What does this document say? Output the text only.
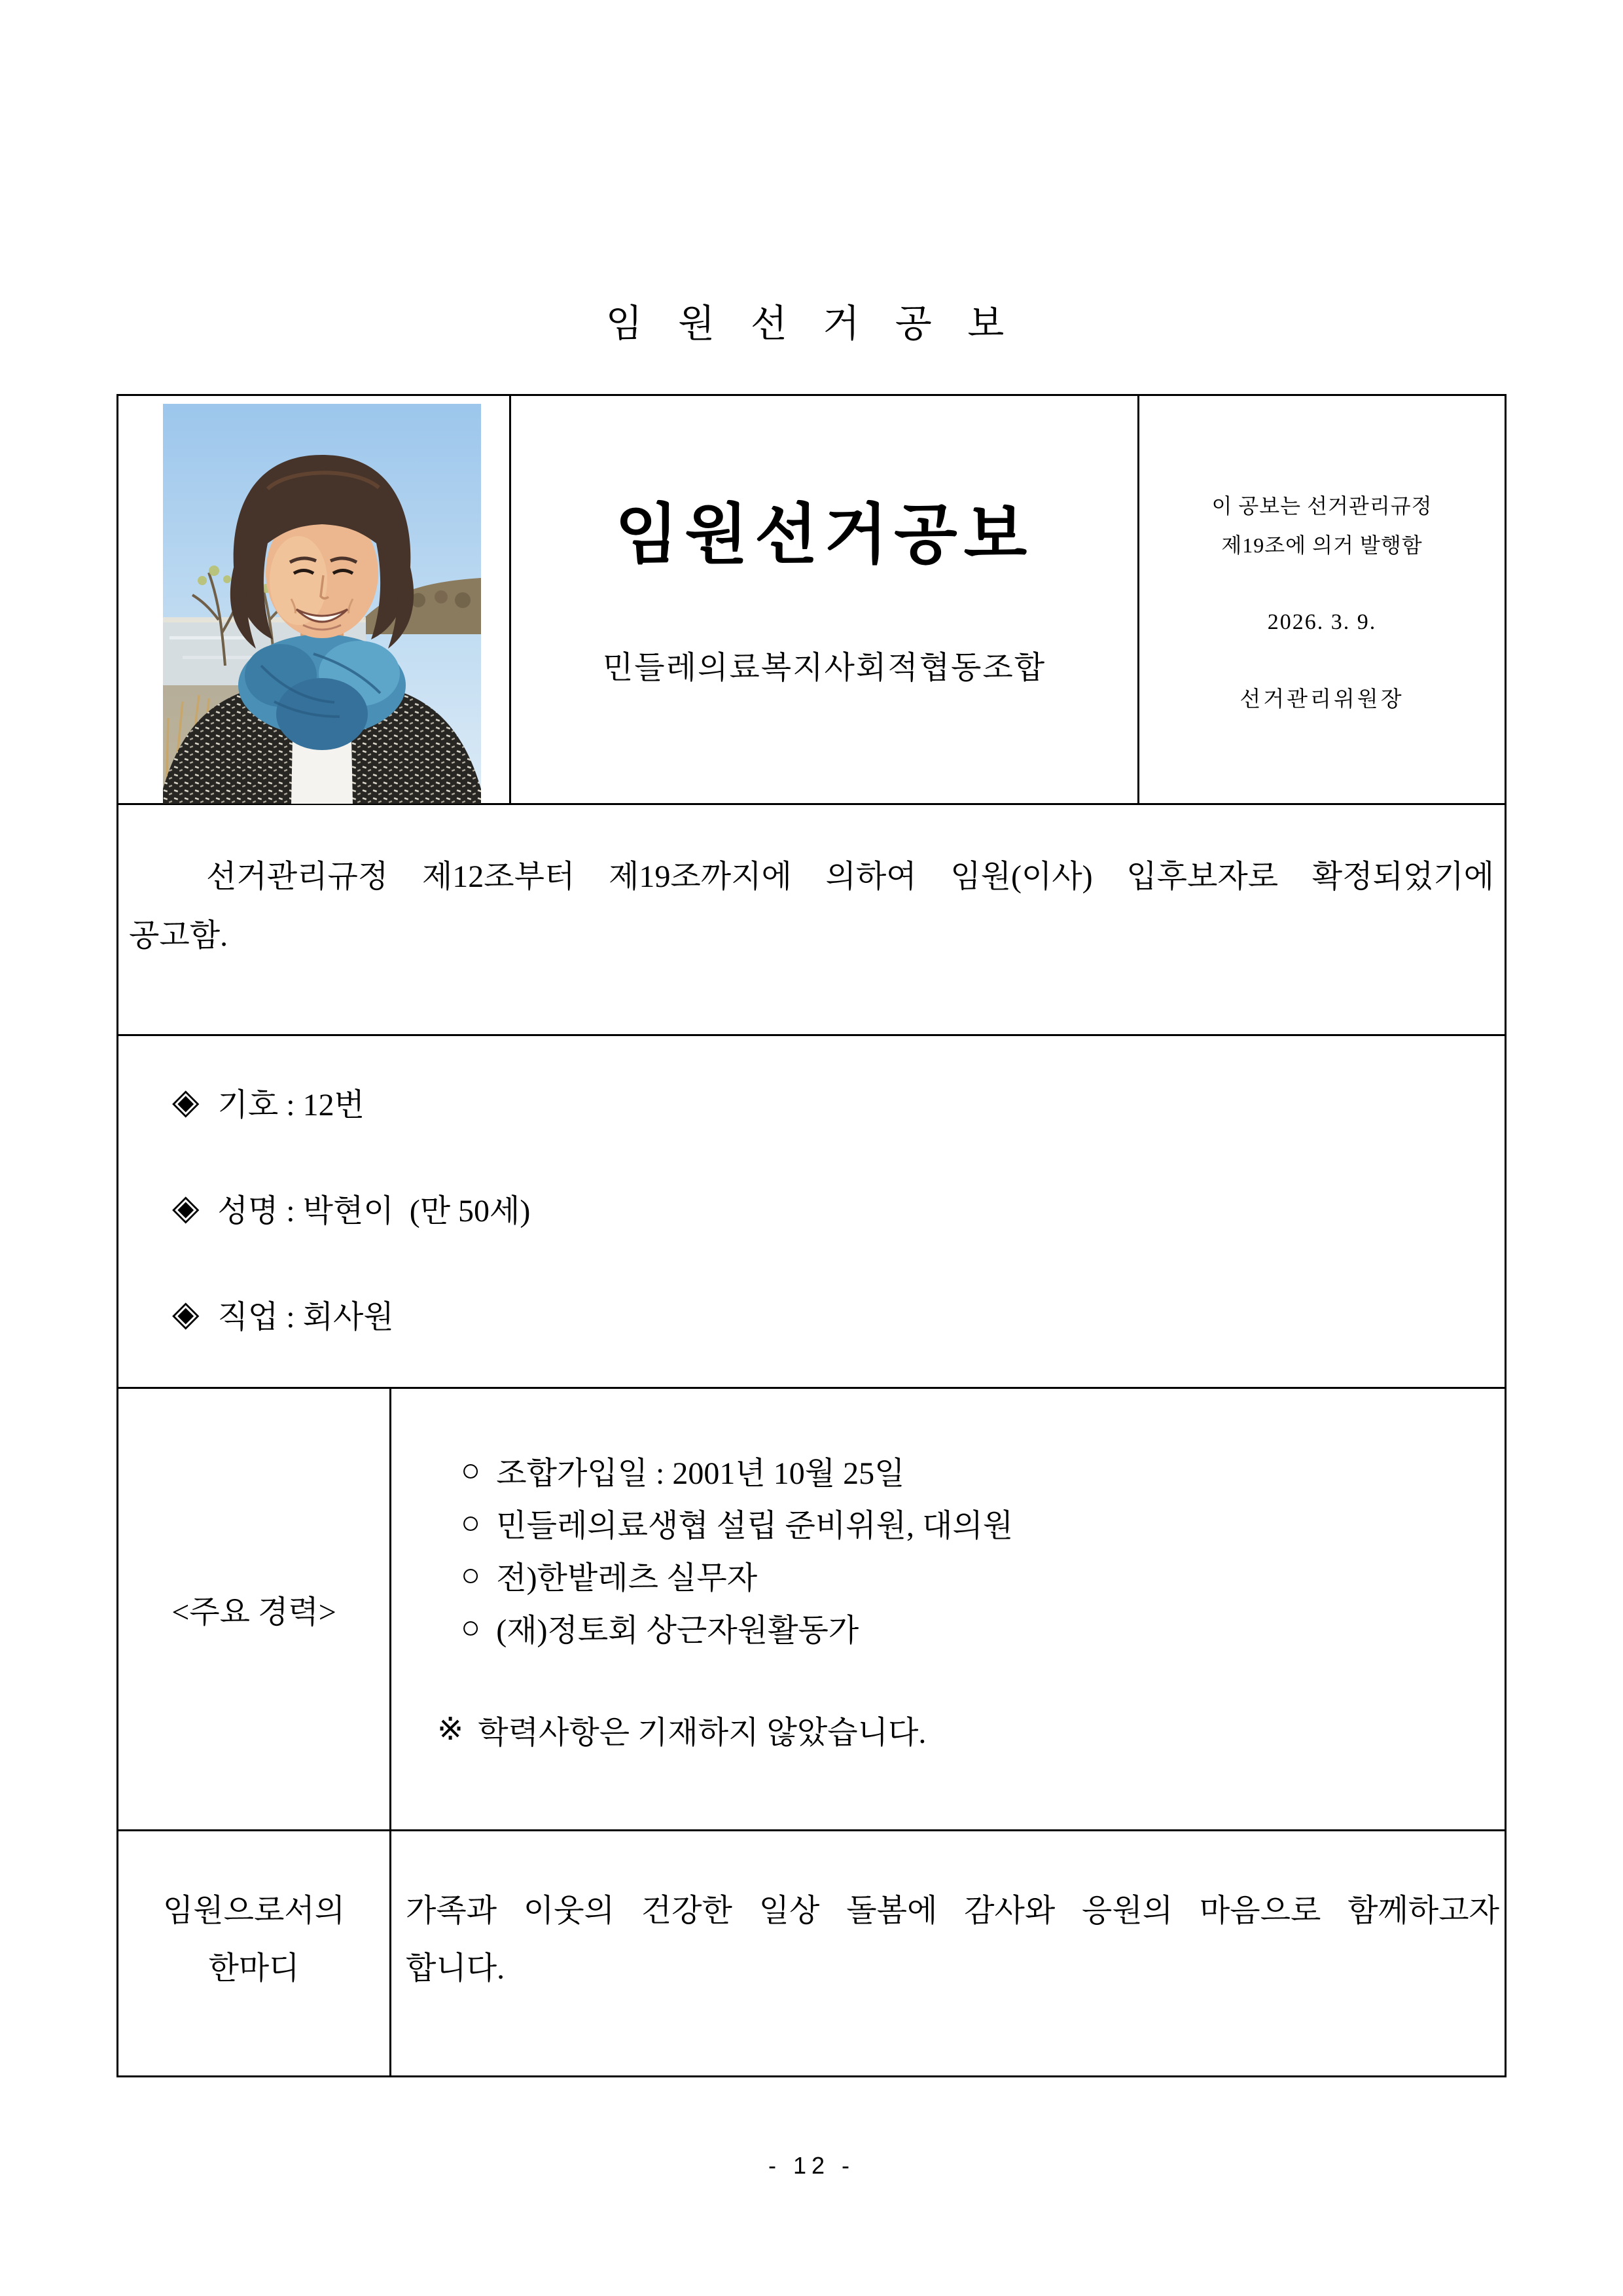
임 원 선 거 공 보
임원선거공보
민들레의료복지사회적협동조합
이 공보는 선거관리규정
제19조에 의거 발행함
2026. 3. 9.
선거관리위원장
선거관리규정 제12조부터 제19조까지에 의하여 임원(이사) 입후보자로 확정되었기에
공고함.
◈ 기호 : 12번
◈ 성명 : 박현이  (만 50세)
◈ 직업 : 회사원
<주요 경력>
○ 조합가입일 : 2001년 10월 25일
○ 민들레의료생협 설립 준비위원, 대의원
○ 전)한밭레츠 실무자
○ (재)정토회 상근자원활동가
※ 학력사항은 기재하지 않았습니다.
임원으로서의
한마디
가족과 이웃의 건강한 일상 돌봄에 감사와 응원의 마음으로 함께하고자
합니다.
- 12 -
